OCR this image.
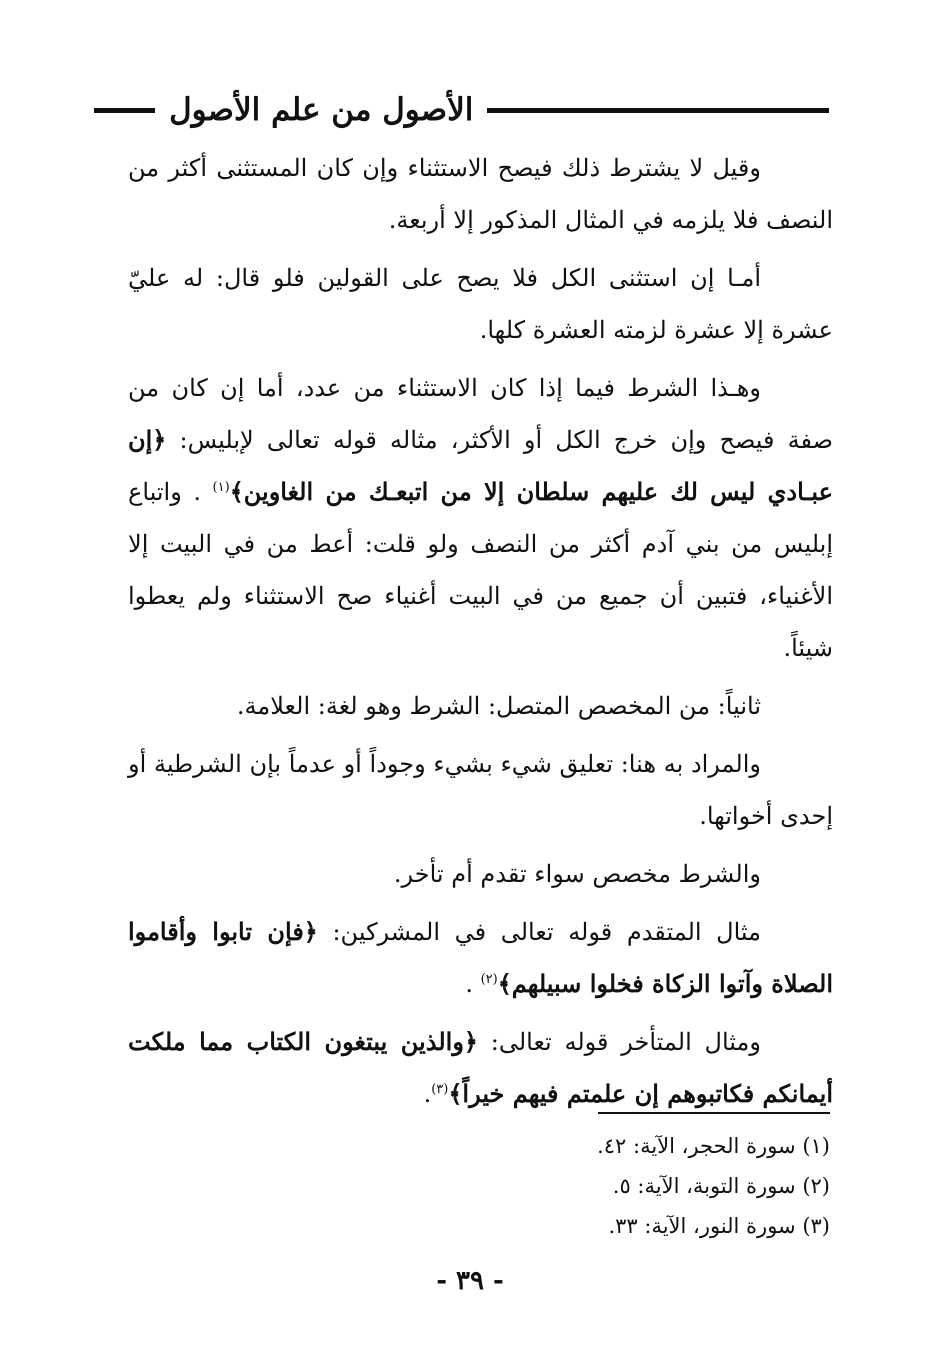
الأصول من علم الأصول

وقيل لا يشترط ذلك فيصح الاستثناء وإن كان المستثنى أكثر من النصف فلا يلزمه في المثال المذكور إلا أربعة.

أمـا إن استثنى الكل فلا يصح على القولين فلو قال: له عليّ عشرة إلا عشرة لزمته العشرة كلها.

وهـذا الشرط فيما إذا كان الاستثناء من عدد، أما إن كان من صفة فيصح وإن خرج الكل أو الأكثر، مثاله قوله تعالى لإبليس: ﴿إن عبـادي ليس لك عليهم سلطان إلا من اتبعـك من الغاوين﴾$^{(١)}$ . واتباع إبليس من بني آدم أكثر من النصف ولو قلت: أعط من في البيت إلا الأغنياء، فتبين أن جميع من في البيت أغنياء صح الاستثناء ولم يعطوا شيئاً.

ثانياً: من المخصص المتصل: الشرط وهو لغة: العلامة.

والمراد به هنا: تعليق شيء بشيء وجوداً أو عدماً بإن الشرطية أو إحدى أخواتها.

والشرط مخصص سواء تقدم أم تأخر.

مثال المتقدم قوله تعالى في المشركين: ﴿فإن تابوا وأقاموا الصلاة وآتوا الزكاة فخلوا سبيلهم﴾$^{(٢)}$ .

ومثال المتأخر قوله تعالى: ﴿والذين يبتغون الكتاب مما ملكت أيمانكم فكاتبوهم إن علمتم فيهم خيراً﴾$^{(٣)}$.

(١) سورة الحجر، الآية: ٤٢.
(٢) سورة التوبة، الآية: ٥.
(٣) سورة النور، الآية: ٣٣.
- ٣٩ -
